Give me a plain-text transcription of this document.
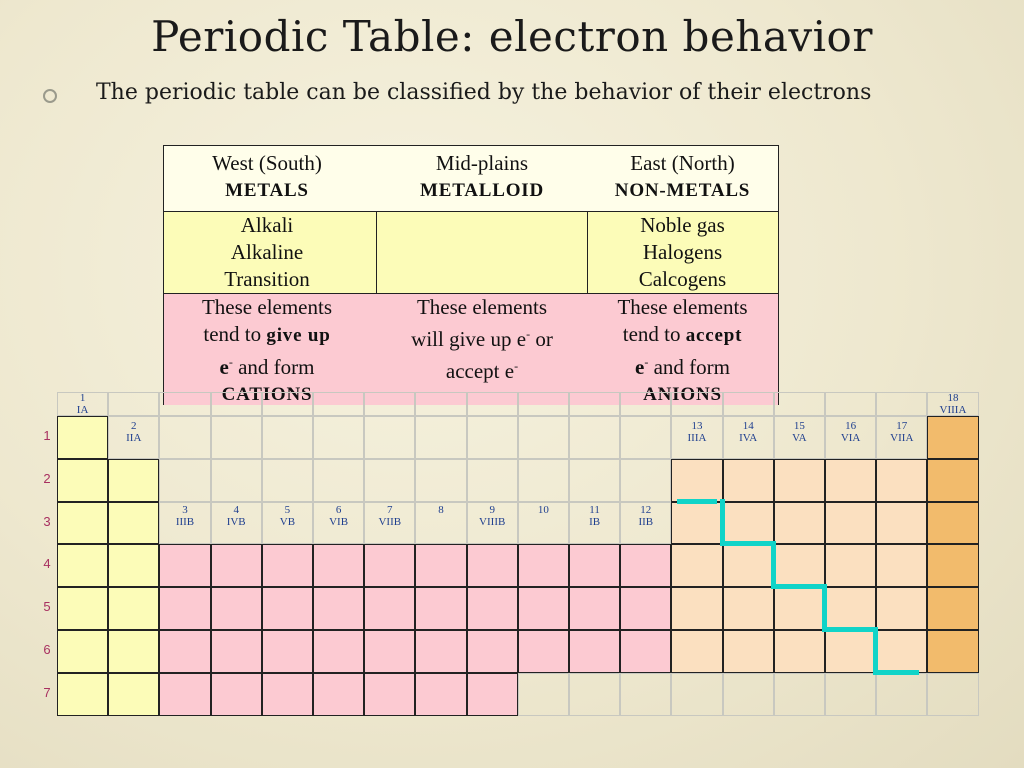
Periodic Table: electron behavior
The periodic table can be classified by the behavior of their electrons
West (South)
METALS
Mid-plains
METALLOID
East (North)
NON-METALS
Alkali
Alkaline
Transition
Noble gas
Halogens
Calcogens
These elements
tend to give up
e- and form
CATIONS
These elements
will give up e- or
accept e-
These elements
tend to accept
e- and form
ANIONS
1
IA
2
IIA
3
IIIB
4
IVB
5
VB
6
VIB
7
VIIB
8	9
VIIIB
10	11
IB
12
IIB
13
IIIA
14
IVA
15
VA
16
VIA
17
VIIA
18
VIIIA
1
2
3
4
5
6
7
